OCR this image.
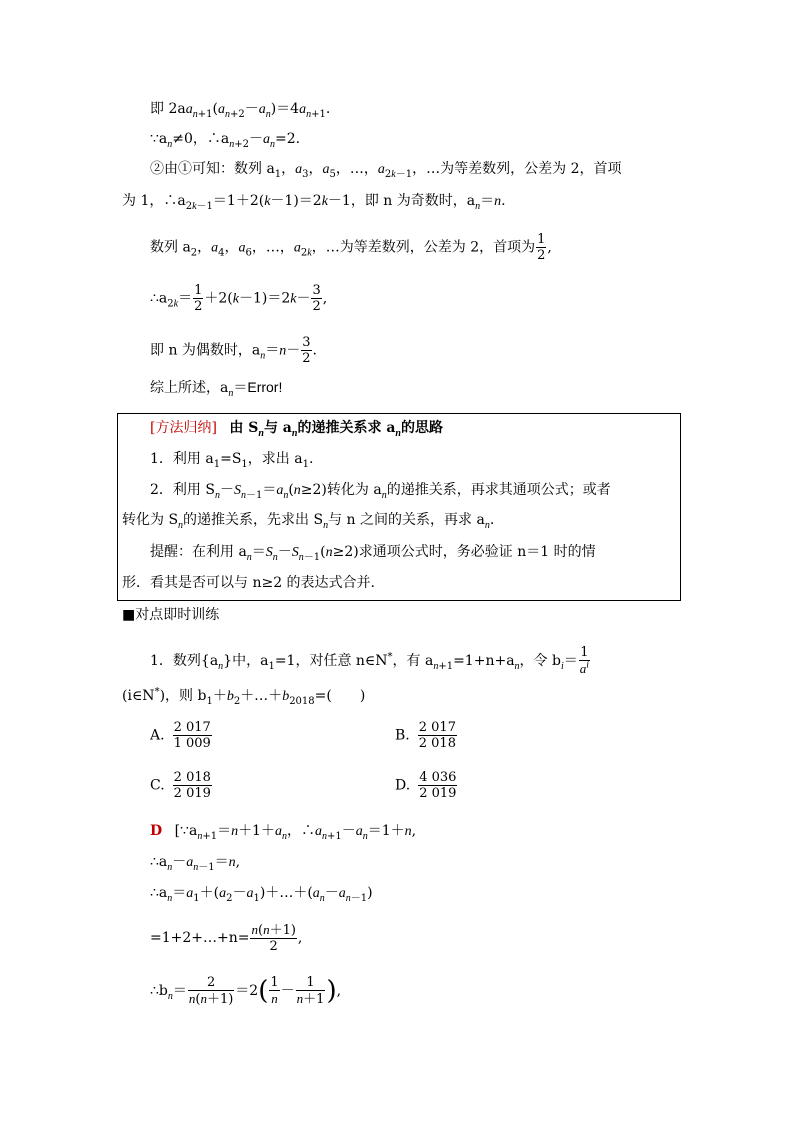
即 $2aa_{n+1}(a_{n+2}-a_n)=4a_{n+1}$.
$\because a_n\ne 0$，$\therefore a_{n+2}-a_n=2$.
②由①可知：数列 $a_1$，$a_3$，$a_5$，…，$a_{2k-1}$，…为等差数列，公差为 2，首项
为 1，$\therefore a_{2k-1}=1+2(k-1)=2k-1$，即 n 为奇数时，$a_n=n$.
数列 $a_2$，$a_4$，$a_6$，…，$a_{2k}$，…为等差数列，公差为 2，首项为 $\frac{1}{2}$ ,
$\therefore a_{2k}= \frac{1}{2} +2(k-1)=2k- \frac{3}{2}$ ,
即 n 为偶数时，$a_n=n- \frac{3}{2}$ .
综上所述，$a_n=Error$!
[方法归纳] 由 $S_n$与 $a_n$的递推关系求 $a_n$的思路
1．利用 $a_1=S_1$，求出 $a_1$.
2．利用 $S_n-S_{n-1}=a_n(n\ge 2)$转化为 $a_n$的递推关系，再求其通项公式；或者
转化为 $S_n$的递推关系，先求出 $S_n$与 n 之间的关系，再求 $a_n$.
提醒：在利用 $a_n=S_n-S_{n-1}(n\ge 2)$求通项公式时，务必验证 n＝1 时的情
形．看其是否可以与 n≥2 的表达式合并.
■对点即时训练
1．数列$\{a_n\}$中，$a_1=1$，对任意 n∈N*，有 $a_{n+1}=1+n+a_n$，令 $b_i= \frac{1}{a^i}$
(i∈N*)，则 $b_1+b_2+\dots+b_{2018}=$(　　)
A. $\frac{2 017}{1 009}$	B. $\frac{2 017}{2 018}$
C. $\frac{2 018}{2 019}$	D. $\frac{4 036}{2 019}$
D [$\because a_{n+1}=n+1+a_n$，$\therefore a_{n+1}-a_n=1+n$,
$\therefore a_n-a_{n-1}=n$,
$\therefore a_n=a_1+(a_2-a_1)+\dots+(a_n-a_{n-1})$
=1+2+…+n= $\frac{n(n+1)}{2}$ ,
$\therefore b_n= \frac{2}{n(n+1)} =2( \frac{1}{n} - \frac{1}{n+1}$ ),
